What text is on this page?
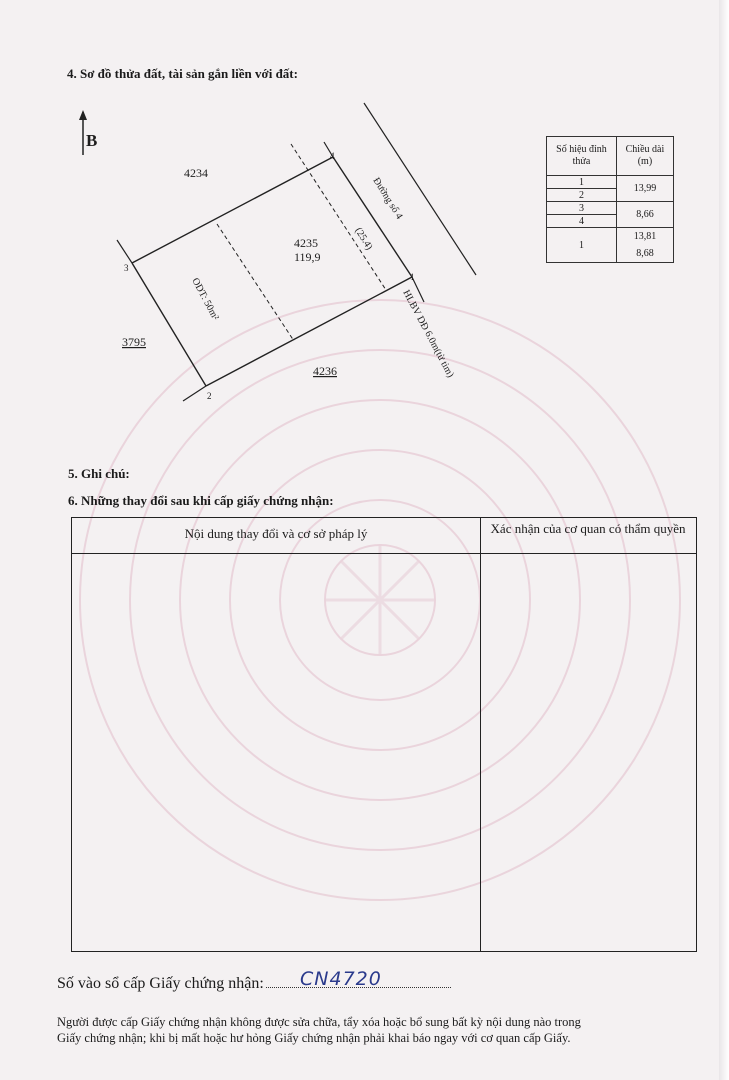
4. Sơ đồ thửa đất, tài sản gắn liền với đất:
B
4234
4235
119,9
3795
4236
ODT: 50m²
Đường số 4
(25.4)
HLBV DĐ 6.0m(từ tim)
1
2
3
4
Số hiệu đỉnh thửa	Chiều dài (m)
1	13,99
2	
3	8,66
4	
1	13,81
8,68
5. Ghi chú:
6. Những thay đổi sau khi cấp giấy chứng nhận:
Nội dung thay đổi và cơ sở pháp lý	Xác nhận của cơ quan có thẩm quyền
Số vào sổ cấp Giấy chứng nhận:	CN4720
Người được cấp Giấy chứng nhận không được sửa chữa, tẩy xóa hoặc bổ sung bất kỳ nội dung nào trong
Giấy chứng nhận; khi bị mất hoặc hư hỏng Giấy chứng nhận phải khai báo ngay với cơ quan cấp Giấy.
